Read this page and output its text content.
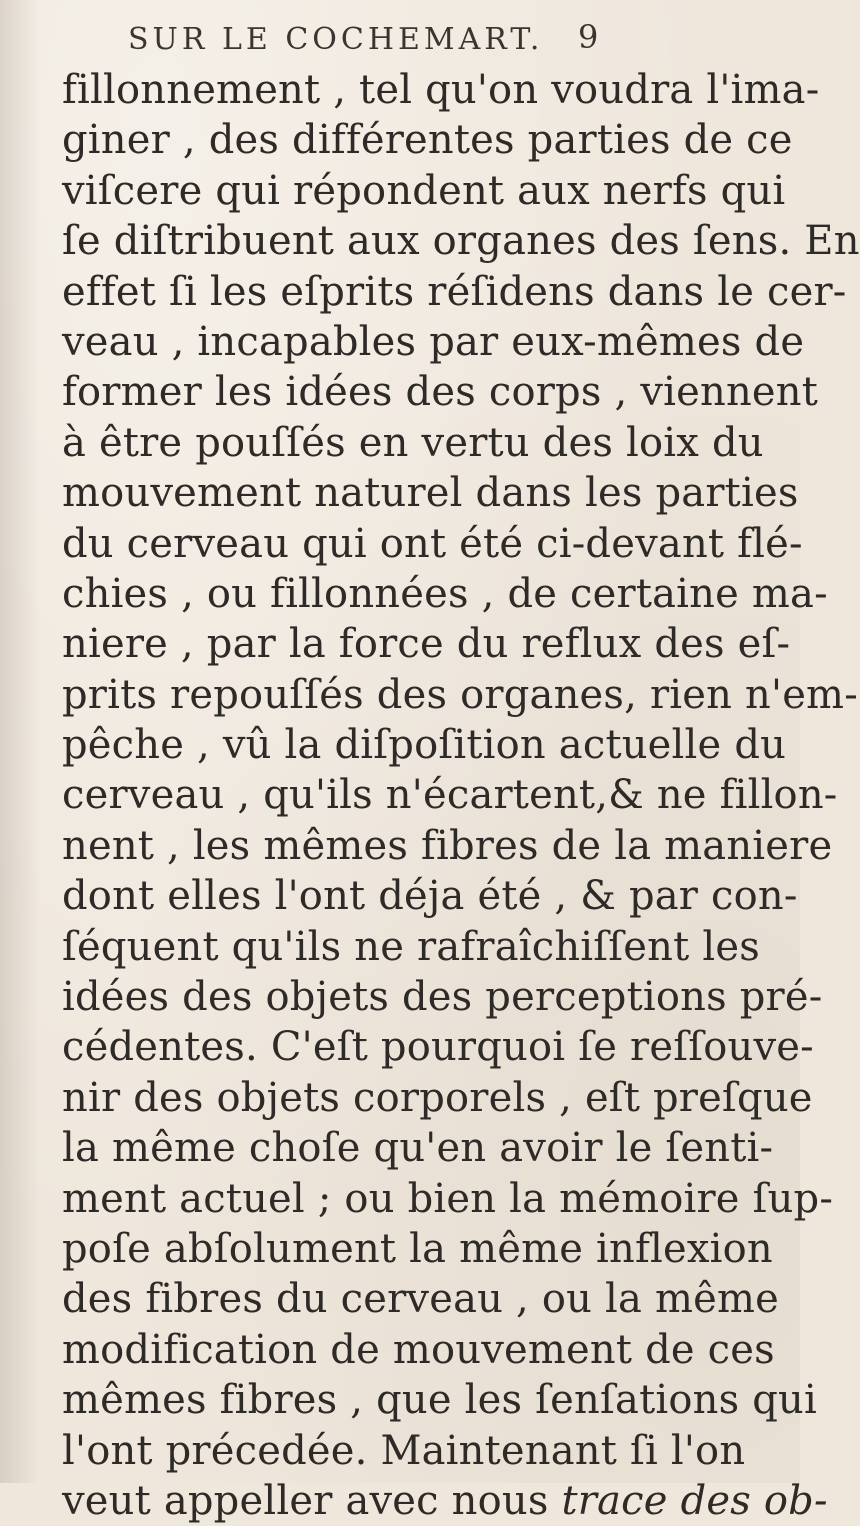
SUR LE COCHEMART.	9
fillonnement , tel qu'on voudra l'ima-
giner , des différentes parties de ce
viſcere qui répondent aux nerfs qui
ſe diſtribuent aux organes des ſens. En
effet ſi les eſprits réſidens dans le cer-
veau , incapables par eux-mêmes de
former les idées des corps , viennent
à être pouſſés en vertu des loix du
mouvement naturel dans les parties
du cerveau qui ont été ci-devant flé-
chies , ou fillonnées , de certaine ma-
niere , par la force du reflux des eſ-
prits repouſſés des organes, rien n'em-
pêche , vû la diſpoſition actuelle du
cerveau , qu'ils n'écartent,& ne fillon-
nent , les mêmes fibres de la maniere
dont elles l'ont déja été , & par con-
ſéquent qu'ils ne rafraîchiſſent les
idées des objets des perceptions pré-
cédentes. C'eſt pourquoi ſe reſſouve-
nir des objets corporels , eſt preſque
la même choſe qu'en avoir le ſenti-
ment actuel ; ou bien la mémoire ſup-
poſe abſolument la même inflexion
des fibres du cerveau , ou la même
modification de mouvement de ces
mêmes fibres , que les ſenſations qui
l'ont précedée. Maintenant ſi l'on
veut appeller avec nous trace des ob-
